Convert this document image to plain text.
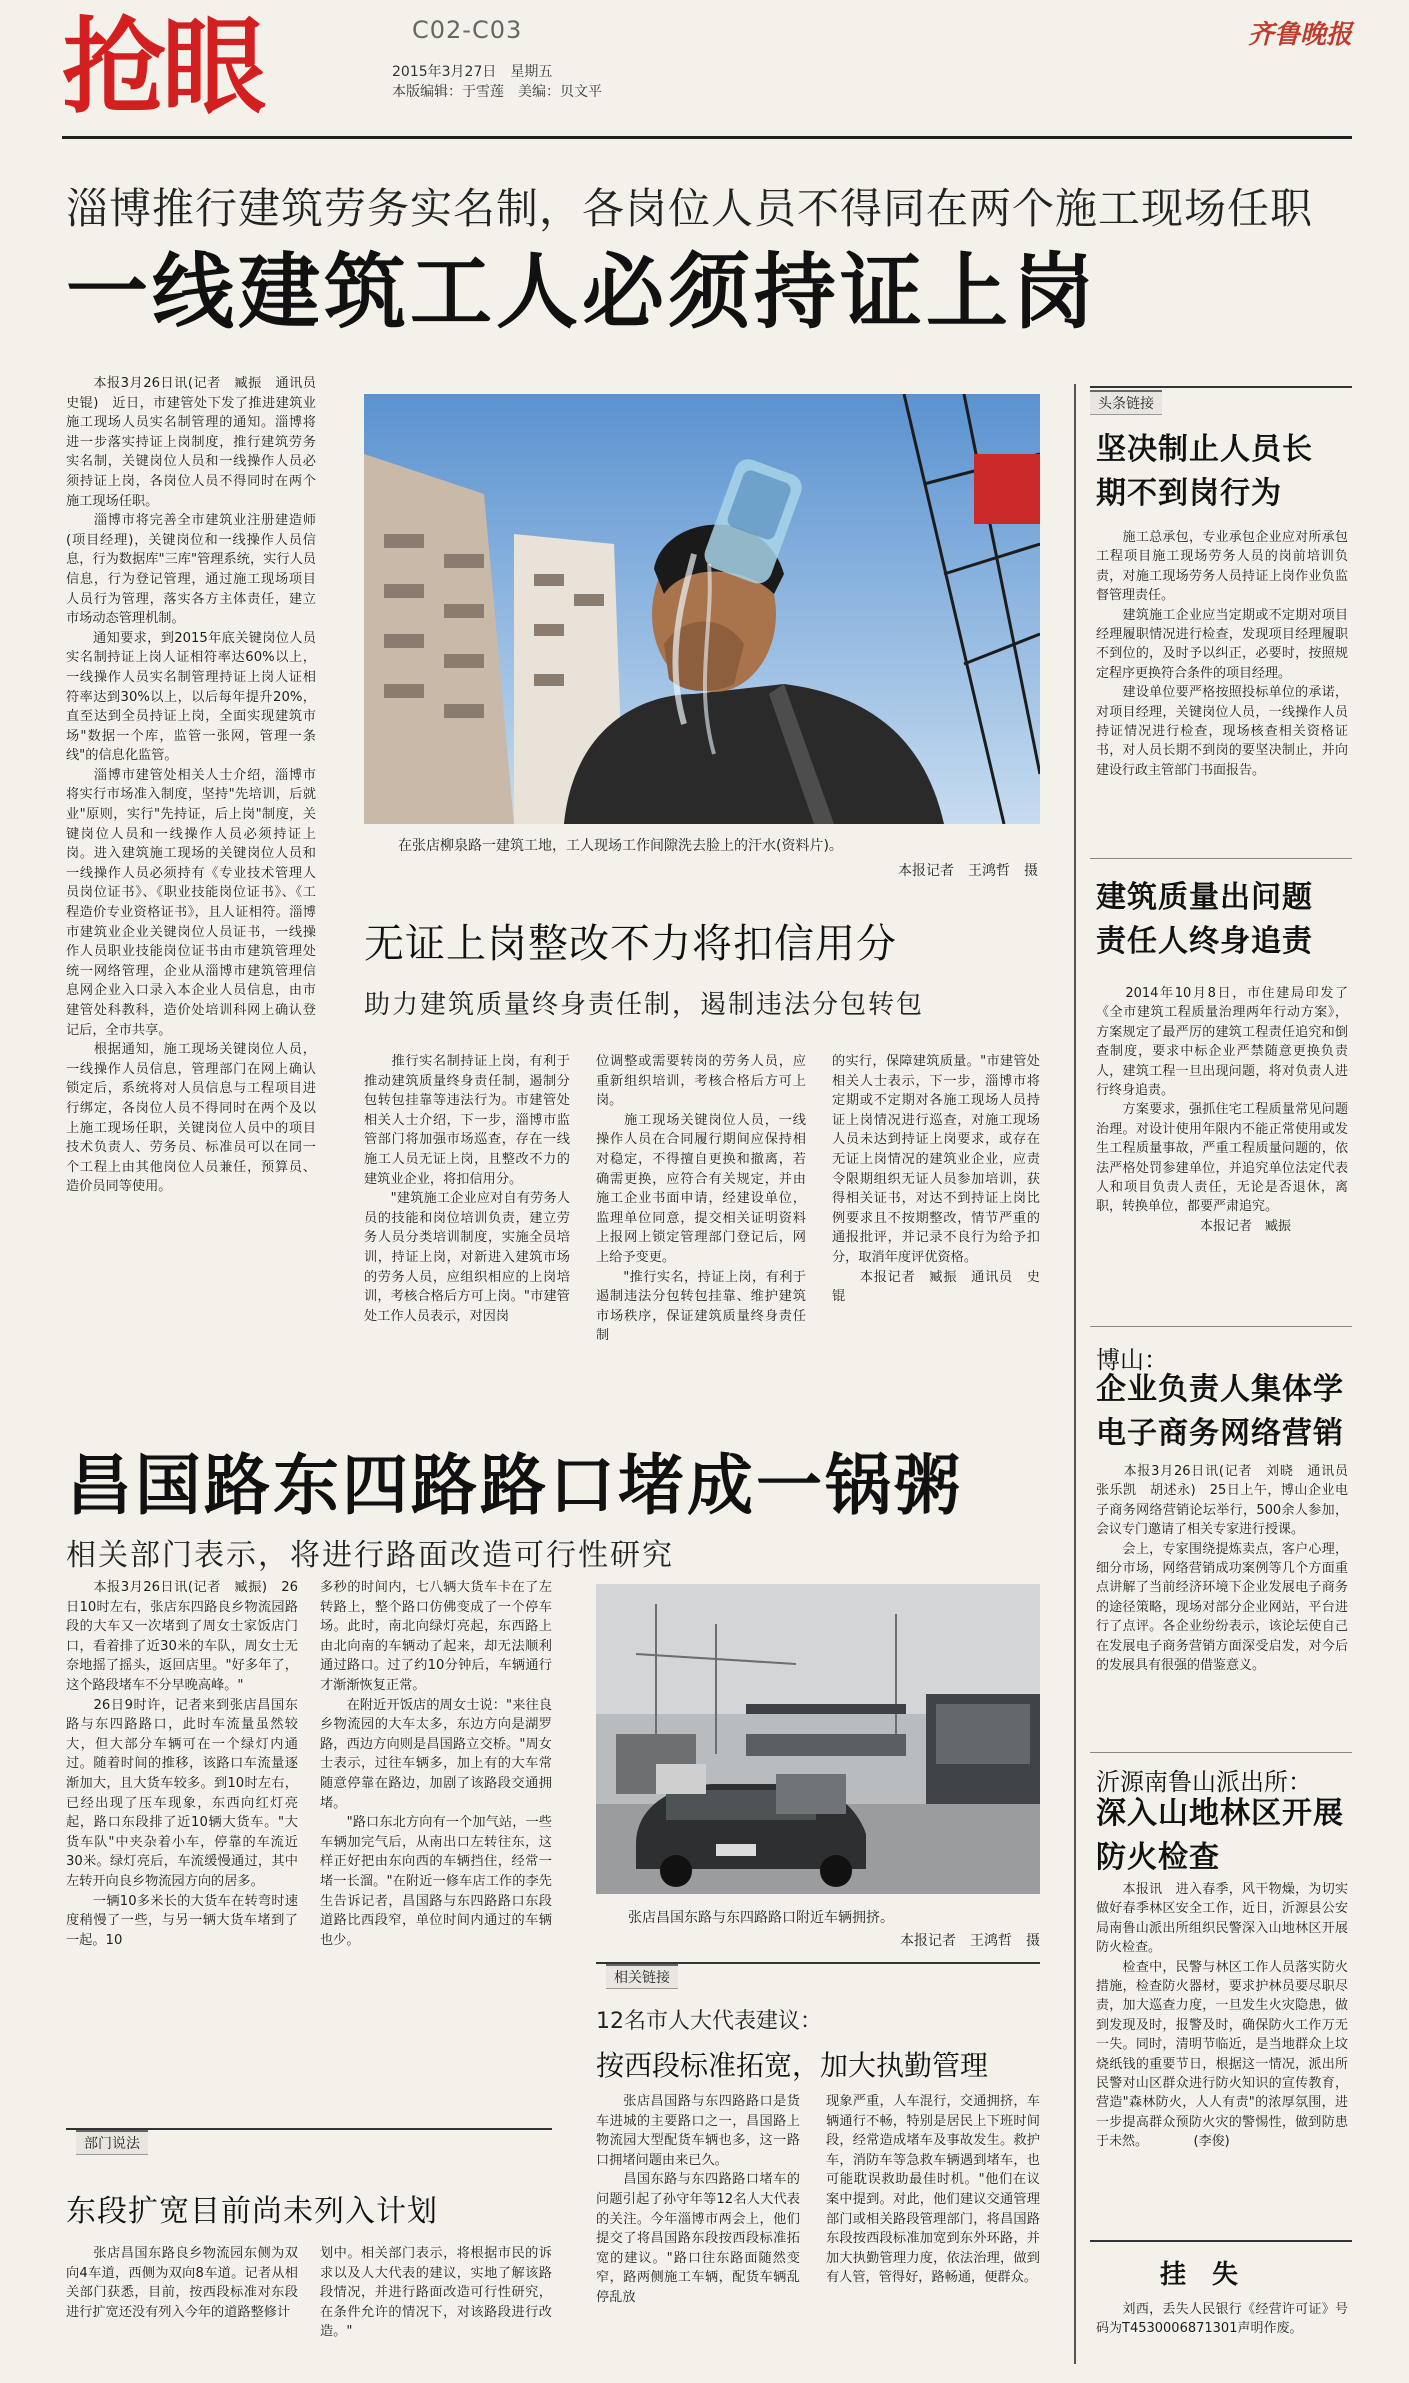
抢眼	C02-C03
2015年3月27日　星期五
本版编辑：于雪莲　美编：贝文平
齐鲁晚报
淄博推行建筑劳务实名制，各岗位人员不得同在两个施工现场任职
一线建筑工人必须持证上岗
　　本报3月26日讯(记者　臧振　通讯员　史锟)　近日，市建管处下发了推进建筑业施工现场人员实名制管理的通知。淄博将进一步落实持证上岗制度，推行建筑劳务实名制，关键岗位人员和一线操作人员必须持证上岗，各岗位人员不得同时在两个施工现场任职。
　　淄博市将完善全市建筑业注册建造师(项目经理)，关键岗位和一线操作人员信息，行为数据库"三库"管理系统，实行人员信息，行为登记管理，通过施工现场项目人员行为管理，落实各方主体责任，建立市场动态管理机制。
　　通知要求，到2015年底关键岗位人员实名制持证上岗人证相符率达60%以上，一线操作人员实名制管理持证上岗人证相符率达到30%以上，以后每年提升20%，直至达到全员持证上岗，全面实现建筑市场"数据一个库，监管一张网，管理一条线"的信息化监管。
　　淄博市建管处相关人士介绍，淄博市将实行市场准入制度，坚持"先培训，后就业"原则，实行"先持证，后上岗"制度，关键岗位人员和一线操作人员必须持证上岗。进入建筑施工现场的关键岗位人员和一线操作人员必须持有《专业技术管理人员岗位证书》、《职业技能岗位证书》、《工程造价专业资格证书》，且人证相符。淄博市建筑业企业关键岗位人员证书，一线操作人员职业技能岗位证书由市建筑管理处统一网络管理，企业从淄博市建筑管理信息网企业入口录入本企业人员信息，由市建管处科教科，造价处培训科网上确认登记后，全市共享。
　　根据通知，施工现场关键岗位人员，一线操作人员信息，管理部门在网上确认锁定后，系统将对人员信息与工程项目进行绑定，各岗位人员不得同时在两个及以上施工现场任职，关键岗位人员中的项目技术负责人、劳务员、标准员可以在同一个工程上由其他岗位人员兼任，预算员、造价员同等使用。
在张店柳泉路一建筑工地，工人现场工作间隙洗去脸上的汗水(资料片)。
本报记者　王鸿哲　摄
无证上岗整改不力将扣信用分
助力建筑质量终身责任制，遏制违法分包转包
　　推行实名制持证上岗，有利于推动建筑质量终身责任制，遏制分包转包挂靠等违法行为。市建管处相关人士介绍，下一步，淄博市监管部门将加强市场巡查，存在一线施工人员无证上岗，且整改不力的建筑业企业，将扣信用分。
　　"建筑施工企业应对自有劳务人员的技能和岗位培训负责，建立劳务人员分类培训制度，实施全员培训，持证上岗，对新进入建筑市场的劳务人员，应组织相应的上岗培训，考核合格后方可上岗。"市建管处工作人员表示，对因岗
位调整或需要转岗的劳务人员，应重新组织培训，考核合格后方可上岗。
　　施工现场关键岗位人员，一线操作人员在合同履行期间应保持相对稳定，不得擅自更换和撤离，若确需更换，应符合有关规定，并由施工企业书面申请，经建设单位，监理单位同意，提交相关证明资料上报网上锁定管理部门登记后，网上给予变更。
　　"推行实名，持证上岗，有利于遏制违法分包转包挂靠、维护建筑市场秩序，保证建筑质量终身责任制
的实行，保障建筑质量。"市建管处相关人士表示，下一步，淄博市将定期或不定期对各施工现场人员持证上岗情况进行巡查，对施工现场人员未达到持证上岗要求，或存在无证上岗情况的建筑业企业，应责令限期组织无证人员参加培训，获得相关证书，对达不到持证上岗比例要求且不按期整改，情节严重的通报批评，并记录不良行为给予扣分，取消年度评优资格。
　　本报记者　臧振　通讯员　史锟
昌国路东四路路口堵成一锅粥
相关部门表示，将进行路面改造可行性研究
　　本报3月26日讯(记者　臧振)　26日10时左右，张店东四路良乡物流园路段的大车又一次堵到了周女士家饭店门口，看着排了近30米的车队，周女士无奈地摇了摇头，返回店里。"好多年了，这个路段堵车不分早晚高峰。"
　　26日9时许，记者来到张店昌国东路与东四路路口，此时车流量虽然较大，但大部分车辆可在一个绿灯内通过。随着时间的推移，该路口车流量逐渐加大，且大货车较多。到10时左右，已经出现了压车现象，东西向红灯亮起，路口东段排了近10辆大货车。"大货车队"中夹杂着小车，停靠的车流近30米。绿灯亮后，车流缓慢通过，其中左转开向良乡物流园方向的居多。
　　一辆10多米长的大货车在转弯时速度稍慢了一些，与另一辆大货车堵到了一起。10
多秒的时间内，七八辆大货车卡在了左转路上，整个路口仿佛变成了一个停车场。此时，南北向绿灯亮起，东西路上由北向南的车辆动了起来，却无法顺利通过路口。过了约10分钟后，车辆通行才渐渐恢复正常。
　　在附近开饭店的周女士说："来往良乡物流园的大车太多，东边方向是湖罗路，西边方向则是昌国路立交桥。"周女士表示，过往车辆多，加上有的大车常随意停靠在路边，加剧了该路段交通拥堵。
　　"路口东北方向有一个加气站，一些车辆加完气后，从南出口左转往东，这样正好把由东向西的车辆挡住，经常一堵一长溜。"在附近一修车店工作的李先生告诉记者，昌国路与东四路路口东段道路比西段窄，单位时间内通过的车辆也少。
张店昌国东路与东四路路口附近车辆拥挤。
本报记者　王鸿哲　摄
部门说法
东段扩宽目前尚未列入计划
　　张店昌国东路良乡物流园东侧为双向4车道，西侧为双向8车道。记者从相关部门获悉，目前，按西段标准对东段进行扩宽还没有列入今年的道路整修计
划中。相关部门表示，将根据市民的诉求以及人大代表的建议，实地了解该路段情况，并进行路面改造可行性研究，在条件允许的情况下，对该路段进行改造。"
相关链接
12名市人大代表建议：
按西段标准拓宽，加大执勤管理
　　张店昌国路与东四路路口是货车进城的主要路口之一，昌国路上物流园大型配货车辆也多，这一路口拥堵问题由来已久。
　　昌国东路与东四路路口堵车的问题引起了孙守年等12名人大代表的关注。今年淄博市两会上，他们提交了将昌国路东段按西段标准拓宽的建议。"路口往东路面随然变窄，路两侧施工车辆，配货车辆乱停乱放
现象严重，人车混行，交通拥挤，车辆通行不畅，特别是居民上下班时间段，经常造成堵车及事故发生。救护车，消防车等急救车辆遇到堵车，也可能耽误救助最佳时机。"他们在议案中提到。对此，他们建议交通管理部门或相关路段管理部门，将昌国路东段按西段标准加宽到东外环路，并加大执勤管理力度，依法治理，做到有人管，管得好，路畅通，便群众。
头条链接
坚决制止人员长期不到岗行为
　　施工总承包，专业承包企业应对所承包工程项目施工现场劳务人员的岗前培训负责，对施工现场劳务人员持证上岗作业负监督管理责任。
　　建筑施工企业应当定期或不定期对项目经理履职情况进行检查，发现项目经理履职不到位的，及时予以纠正，必要时，按照规定程序更换符合条件的项目经理。
　　建设单位要严格按照投标单位的承诺，对项目经理，关键岗位人员，一线操作人员持证情况进行检查，现场核查相关资格证书，对人员长期不到岗的要坚决制止，并向建设行政主管部门书面报告。
建筑质量出问题责任人终身追责
　　2014年10月8日，市住建局印发了《全市建筑工程质量治理两年行动方案》，方案规定了最严厉的建筑工程责任追究和倒查制度，要求中标企业严禁随意更换负责人，建筑工程一旦出现问题，将对负责人进行终身追责。
　　方案要求，强抓住宅工程质量常见问题治理。对设计使用年限内不能正常使用或发生工程质量事故，严重工程质量问题的，依法严格处罚参建单位，并追究单位法定代表人和项目负责人责任，无论是否退休，离职，转换单位，都要严肃追究。
　　　　　　　　本报记者　臧振
博山：
企业负责人集体学电子商务网络营销
　　本报3月26日讯(记者　刘晓　通讯员　张乐凯　胡述永)　25日上午，博山企业电子商务网络营销论坛举行，500余人参加，会议专门邀请了相关专家进行授课。
　　会上，专家围绕提炼卖点，客户心理，细分市场，网络营销成功案例等几个方面重点讲解了当前经济环境下企业发展电子商务的途径策略，现场对部分企业网站，平台进行了点评。各企业纷纷表示，该论坛使自己在发展电子商务营销方面深受启发，对今后的发展具有很强的借鉴意义。
沂源南鲁山派出所：
深入山地林区开展防火检查
　　本报讯　进入春季，风干物燥，为切实做好春季林区安全工作，近日，沂源县公安局南鲁山派出所组织民警深入山地林区开展防火检查。
　　检查中，民警与林区工作人员落实防火措施，检查防火器材，要求护林员要尽职尽责，加大巡查力度，一旦发生火灾隐患，做到发现及时，报警及时，确保防火工作万无一失。同时，清明节临近，是当地群众上坟烧纸钱的重要节日，根据这一情况，派出所民警对山区群众进行防火知识的宣传教育，营造"森林防火，人人有责"的浓厚氛围，进一步提高群众预防火灾的警惕性，做到防患于未然。　　　　(李俊)
挂　失
　　刘西，丢失人民银行《经营许可证》号码为T4530006871301声明作废。
